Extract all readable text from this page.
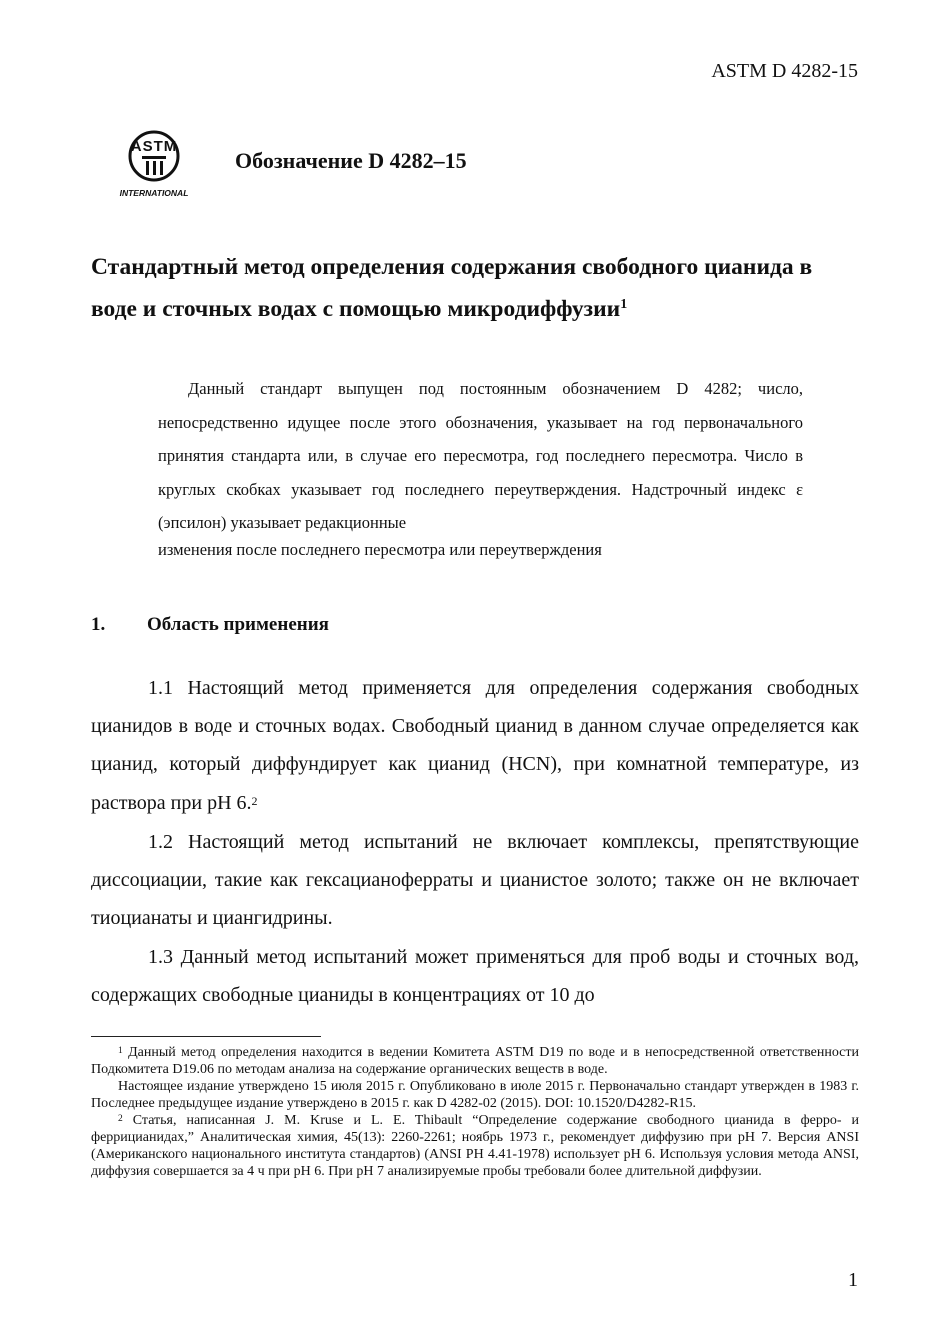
ASTM D 4282-15
ASTM
INTERNATIONAL
Обозначение D 4282–15
Стандартный метод определения содержания свободного цианида в воде и сточных водах с помощью микродиффузии$^1$
Данный стандарт выпущен под постоянным обозначением D 4282; число, непосредственно идущее после этого обозначения, указывает на год первоначального принятия стандарта или, в случае его пересмотра, год последнего пересмотра. Число в круглых скобках указывает год последнего переутверждения. Надстрочный индекс ε (эпсилон) указывает редакционные
изменения после последнего пересмотра или переутверждения
1. Область применения
1.1 Настоящий метод применяется для определения содержания свободных цианидов в воде и сточных водах. Свободный цианид в данном случае определяется как цианид, который диффундирует как цианид (HCN), при комнатной температуре, из раствора при pH 6.$^2$
1.2 Настоящий метод испытаний не включает комплексы, препятствующие диссоциации, такие как гексацианоферраты и цианистое золото; также он не включает тиоцианаты и циангидрины.
1.3 Данный метод испытаний может применяться для проб воды и сточных вод, содержащих свободные цианиды в концентрациях от 10 до

$^1$ Данный метод определения находится в ведении Комитета ASTM D19 по воде и в непосредственной ответственности Подкомитета D19.06 по методам анализа на содержание органических веществ в воде.

Настоящее издание утверждено 15 июля 2015 г. Опубликовано в июле 2015 г. Первоначально стандарт утвержден в 1983 г. Последнее предыдущее издание утверждено в 2015 г. как D 4282-02 (2015). DOI: 10.1520/D4282-R15.

$^2$ Статья, написанная J. M. Kruse и L. E. Thibault “Определение содержание свободного цианида в ферро- и феррицианидах,” Аналитическая химия, 45(13): 2260-2261; ноябрь 1973 г., рекомендует диффузию при pH 7. Версия ANSI (Американского национального института стандартов) (ANSI PH 4.41-1978) использует pH 6. Используя условия метода ANSI, диффузия совершается за 4 ч при pH 6. При pH 7 анализируемые пробы требовали более длительной диффузии.

1
